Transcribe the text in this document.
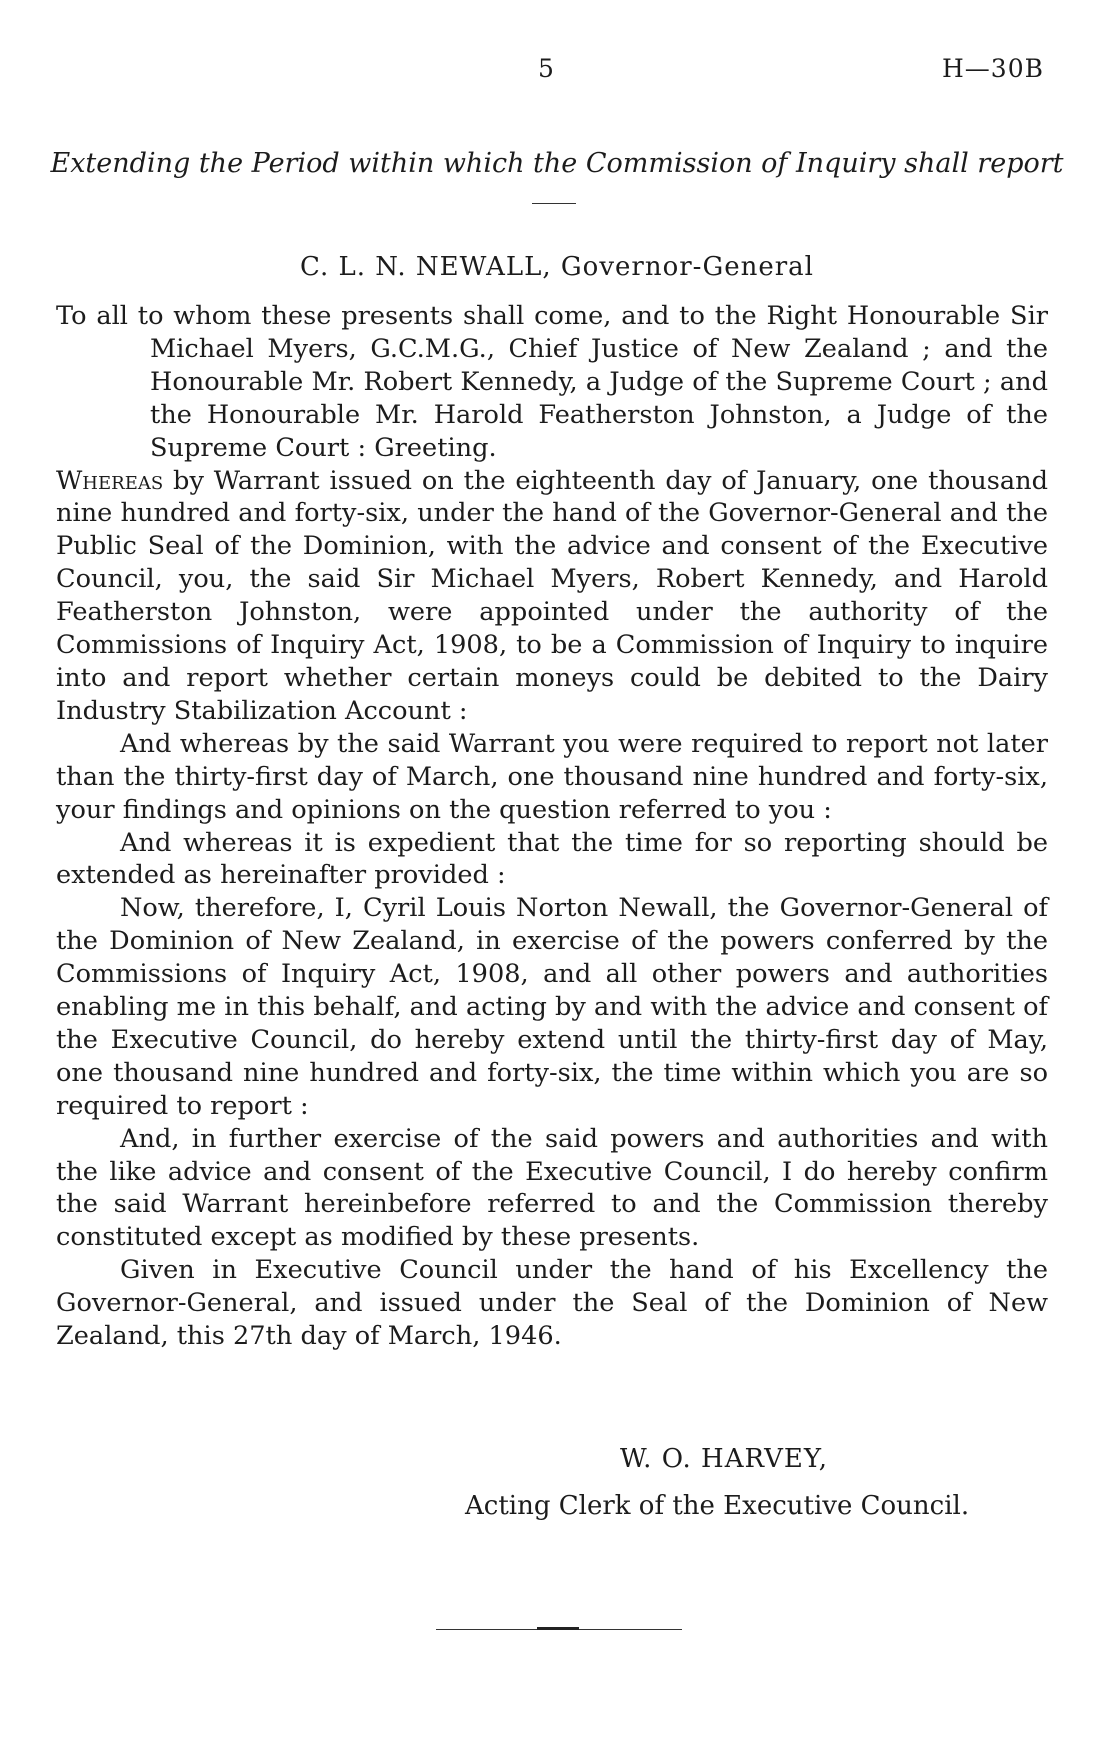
5	H—30B
Extending the Period within which the Commission of Inquiry shall report
C. L. N. NEWALL, Governor-General

To all to whom these presents shall come, and to the Right Honourable Sir Michael Myers, G.C.M.G., Chief Justice of New Zealand ; and the Honourable Mr. Robert Kennedy, a Judge of the Supreme Court ; and the Honourable Mr. Harold Featherston Johnston, a Judge of the Supreme Court : Greeting.

Whereas by Warrant issued on the eighteenth day of January, one thousand nine hundred and forty-six, under the hand of the Governor-General and the Public Seal of the Dominion, with the advice and consent of the Executive Council, you, the said Sir Michael Myers, Robert Kennedy, and Harold Featherston Johnston, were appointed under the authority of the Commissions of Inquiry Act, 1908, to be a Commission of Inquiry to inquire into and report whether certain moneys could be debited to the Dairy Industry Stabilization Account :

And whereas by the said Warrant you were required to report not later than the thirty-first day of March, one thousand nine hundred and forty-six, your findings and opinions on the question referred to you :

And whereas it is expedient that the time for so reporting should be extended as hereinafter provided :

Now, therefore, I, Cyril Louis Norton Newall, the Governor-General of the Dominion of New Zealand, in exercise of the powers conferred by the Commissions of Inquiry Act, 1908, and all other powers and authorities enabling me in this behalf, and acting by and with the advice and consent of the Executive Council, do hereby extend until the thirty-first day of May, one thousand nine hundred and forty-six, the time within which you are so required to report :

And, in further exercise of the said powers and authorities and with the like advice and consent of the Executive Council, I do hereby confirm the said Warrant hereinbefore referred to and the Commission thereby constituted except as modified by these presents.

Given in Executive Council under the hand of his Excellency the Governor-General, and issued under the Seal of the Dominion of New Zealand, this 27th day of March, 1946.

W. O. HARVEY,
Acting Clerk of the Executive Council.
